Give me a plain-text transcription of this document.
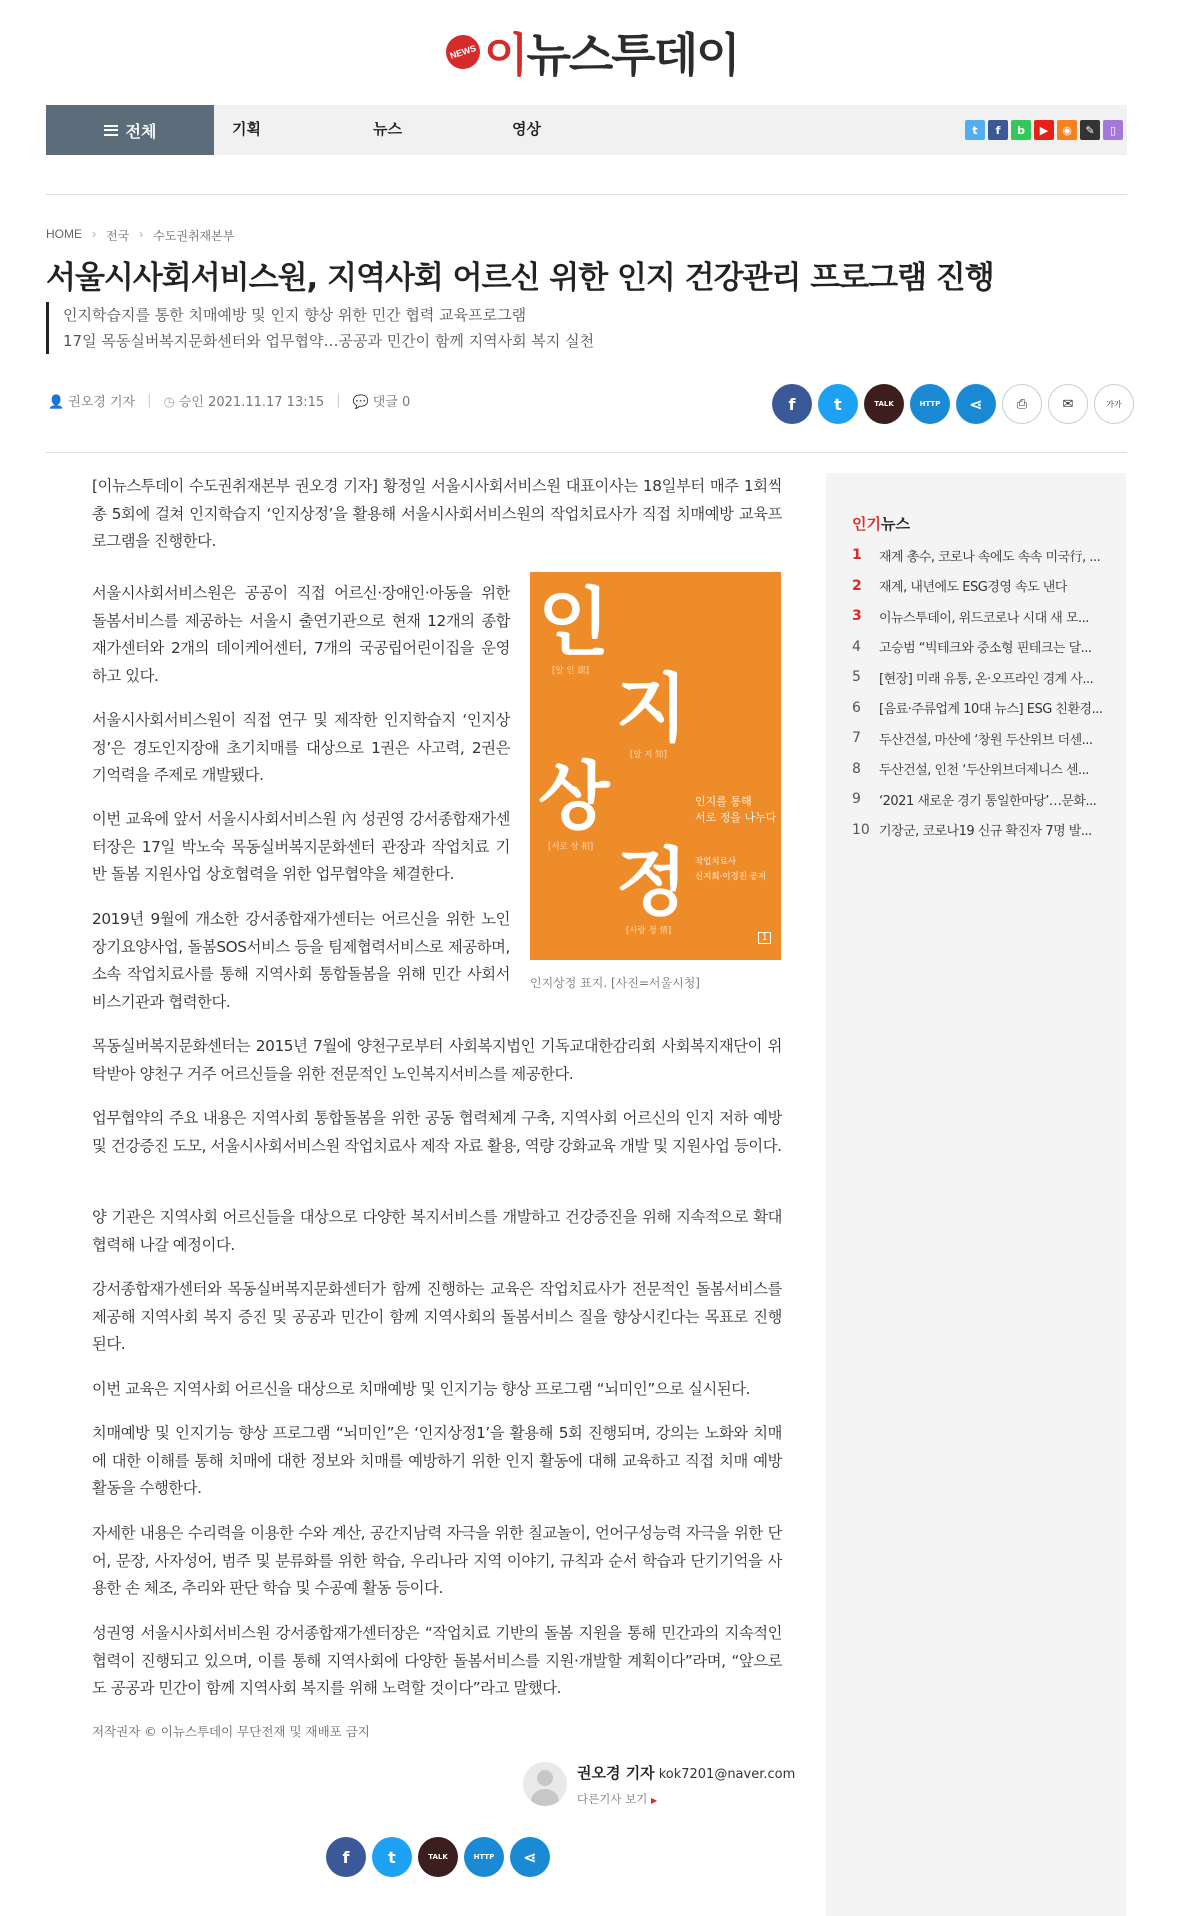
NEWS 이뉴스투데이
전체	기획	뉴스	영상	t	f	b	▶	◉	✎	▯
HOME › 전국 › 수도권취재본부
서울시사회서비스원, 지역사회 어르신 위한 인지 건강관리 프로그램 진행
인지학습지를 통한 치매예방 및 인지 향상 위한 민간 협력 교육프로그램
17일 목동실버복지문화센터와 업무협약…공공과 민간이 함께 지역사회 복지 실천
👤 권오경 기자 | ◷ 승인 2021.11.17 13:15 | 💬 댓글 0	f	t	TALK	HTTP	⋖	⎙	✉	가가

[이뉴스투데이 수도권취재본부 권오경 기자] 황정일 서울시사회서비스원 대표이사는 18일부터 매주 1회씩 총 5회에 걸쳐 인지학습지 ‘인지상정’을 활용해 서울시사회서비스원의 작업치료사가 직접 치매예방 교육프로그램을 진행한다.

서울시사회서비스원은 공공이 직접 어르신·장애인·아동을 위한 돌봄서비스를 제공하는 서울시 출연기관으로 현재 12개의 종합재가센터와 2개의 데이케어센터, 7개의 국공립어린이집을 운영하고 있다.

서울시사회서비스원이 직접 연구 및 제작한 인지학습지 ‘인지상정’은 경도인지장애 초기치매를 대상으로 1권은 사고력, 2권은 기억력을 주제로 개발됐다.

이번 교육에 앞서 서울시사회서비스원 內 성권영 강서종합재가센터장은 17일 박노숙 목동실버복지문화센터 관장과 작업치료 기반 돌봄 지원사업 상호협력을 위한 업무협약을 체결한다.

2019년 9월에 개소한 강서종합재가센터는 어르신을 위한 노인장기요양사업, 돌봄SOS서비스 등을 팀제협력서비스로 제공하며, 소속 작업치료사를 통해 지역사회 통합돌봄을 위해 민간 사회서비스기관과 협력한다.

목동실버복지문화센터는 2015년 7월에 양천구로부터 사회복지법인 기독교대한감리회 사회복지재단이 위탁받아 양천구 거주 어르신들을 위한 전문적인 노인복지서비스를 제공한다.

업무협약의 주요 내용은 지역사회 통합돌봄을 위한 공동 협력체계 구축, 지역사회 어르신의 인지 저하 예방 및 건강증진 도모, 서울시사회서비스원 작업치료사 제작 자료 활용, 역량 강화교육 개발 및 지원사업 등이다.

양 기관은 지역사회 어르신들을 대상으로 다양한 복지서비스를 개발하고 건강증진을 위해 지속적으로 확대 협력해 나갈 예정이다.

강서종합재가센터와 목동실버복지문화센터가 함께 진행하는 교육은 작업치료사가 전문적인 돌봄서비스를 제공해 지역사회 복지 증진 및 공공과 민간이 함께 지역사회의 돌봄서비스 질을 향상시킨다는 목표로 진행된다.

이번 교육은 지역사회 어르신을 대상으로 치매예방 및 인지기능 향상 프로그램 “뇌미인”으로 실시된다.

치매예방 및 인지기능 향상 프로그램 “뇌미인”은 ‘인지상정1’을 활용해 5회 진행되며, 강의는 노화와 치매에 대한 이해를 통해 치매에 대한 정보와 치매를 예방하기 위한 인지 활동에 대해 교육하고 직접 치매 예방 활동을 수행한다.

자세한 내용은 수리력을 이용한 수와 계산, 공간지남력 자극을 위한 칠교놀이, 언어구성능력 자극을 위한 단어, 문장, 사자성어, 범주 및 분류화를 위한 학습, 우리나라 지역 이야기, 규칙과 순서 학습과 단기기억을 사용한 손 체조, 추리와 판단 학습 및 수공예 활동 등이다.

성권영 서울시사회서비스원 강서종합재가센터장은 “작업치료 기반의 돌봄 지원을 통해 민간과의 지속적인 협력이 진행되고 있으며, 이를 통해 지역사회에 다양한 돌봄서비스를 지원·개발할 계획이다”라며, “앞으로도 공공과 민간이 함께 지역사회 복지를 위해 노력할 것이다”라고 말했다.

인
[알 인 認] 지
[알 지 知]
상
[서로 상 相] 정
[사랑 정 情]
인지를 통해
서로 정을 나누다
작업치료사
신지희·이경진 공저
1
인지상정 표지. [사진=서울시청]
저작권자 © 이뉴스투데이 무단전재 및 재배포 금지
권오경 기자 kok7201@naver.com
다른기사 보기 ▶
f	t	TALK	HTTP	⋖
인기뉴스
1	재계 총수, 코로나 속에도 속속 미국行, ...
2	재계, 내년에도 ESG경영 속도 낸다
3	이뉴스투데이, 위드코로나 시대 새 모...
4	고승범 “빅테크와 중소형 핀테크는 달...
5	[현장] 미래 유통, 온·오프라인 경계 사...
6	[음료·주류업계 10대 뉴스] ESG 친환경...
7	두산건설, 마산에 ‘창원 두산위브 더센...
8	두산건설, 인천 ‘두산위브더제니스 센...
9	‘2021 새로운 경기 통일한마당’…문화...
10 기장군, 코로나19 신규 확진자 7명 발...
